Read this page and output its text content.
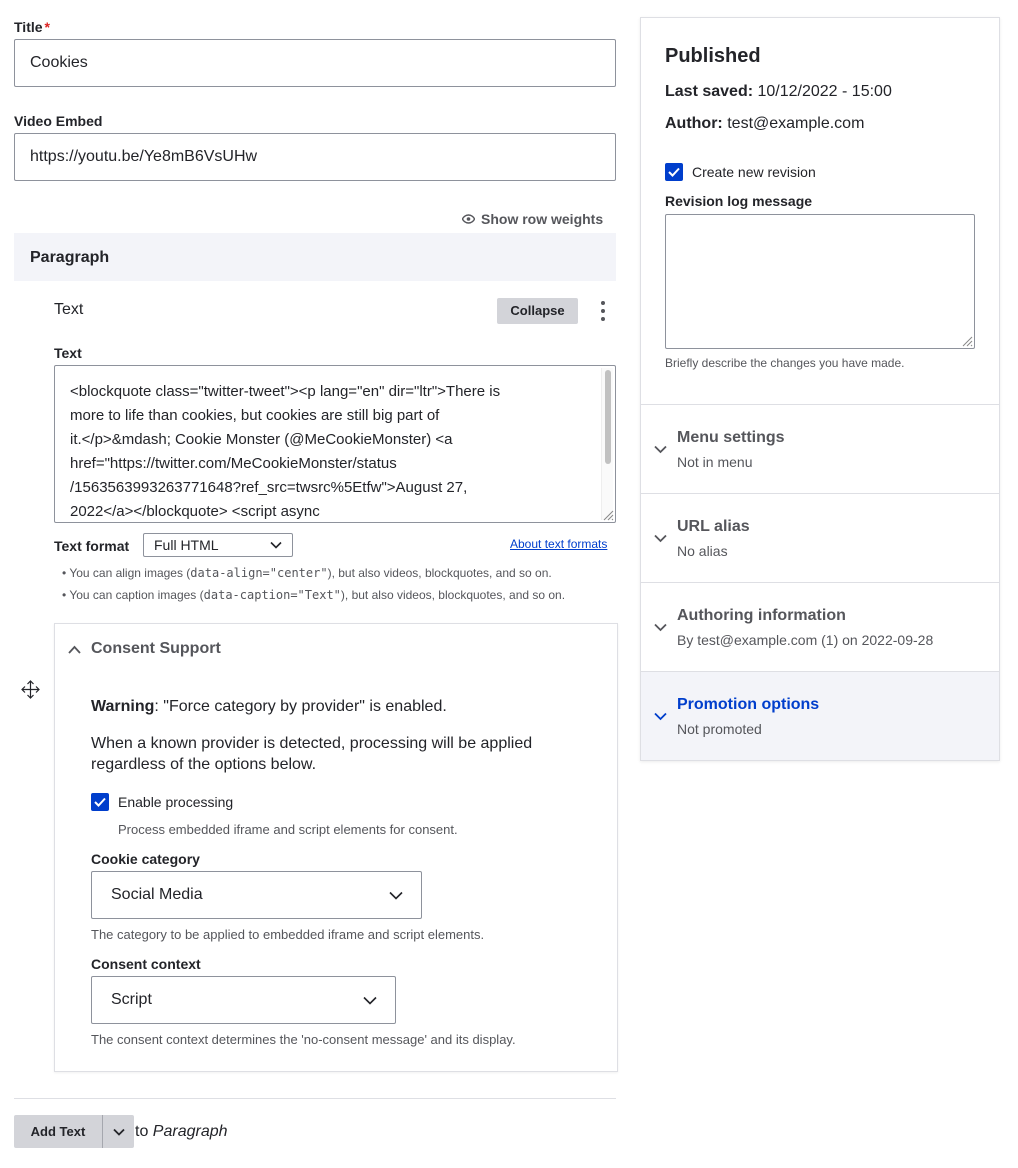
Title *
Cookies
Video Embed
https://youtu.be/Ye8mB6VsUHw
Show row weights
Paragraph
Text	Collapse
Text
<blockquote class="twitter-tweet"><p lang="en" dir="ltr">There is
more to life than cookies, but cookies are still big part of
it.</p>&mdash; Cookie Monster (@MeCookieMonster) <a
href="https://twitter.com/MeCookieMonster/status
/1563563993263771648?ref_src=twsrc%5Etfw">August 27,
2022</a></blockquote> <script async
Text format Full HTML	About text formats
• You can align images (data-align="center"), but also videos, blockquotes, and so on.
• You can caption images (data-caption="Text"), but also videos, blockquotes, and so on.
Consent Support
Warning: "Force category by provider" is enabled.
When a known provider is detected, processing will be applied regardless of the options below.
Enable processing
Process embedded iframe and script elements for consent.
Cookie category
Social Media
The category to be applied to embedded iframe and script elements.
Consent context
Script
The consent context determines the 'no-consent message' and its display.
Add Text	to Paragraph
Published
Last saved: 10/12/2022 - 15:00
Author: test@example.com
Create new revision
Revision log message
Briefly describe the changes you have made.
Menu settings
Not in menu
URL alias
No alias
Authoring information
By test@example.com (1) on 2022-09-28
Promotion options
Not promoted
